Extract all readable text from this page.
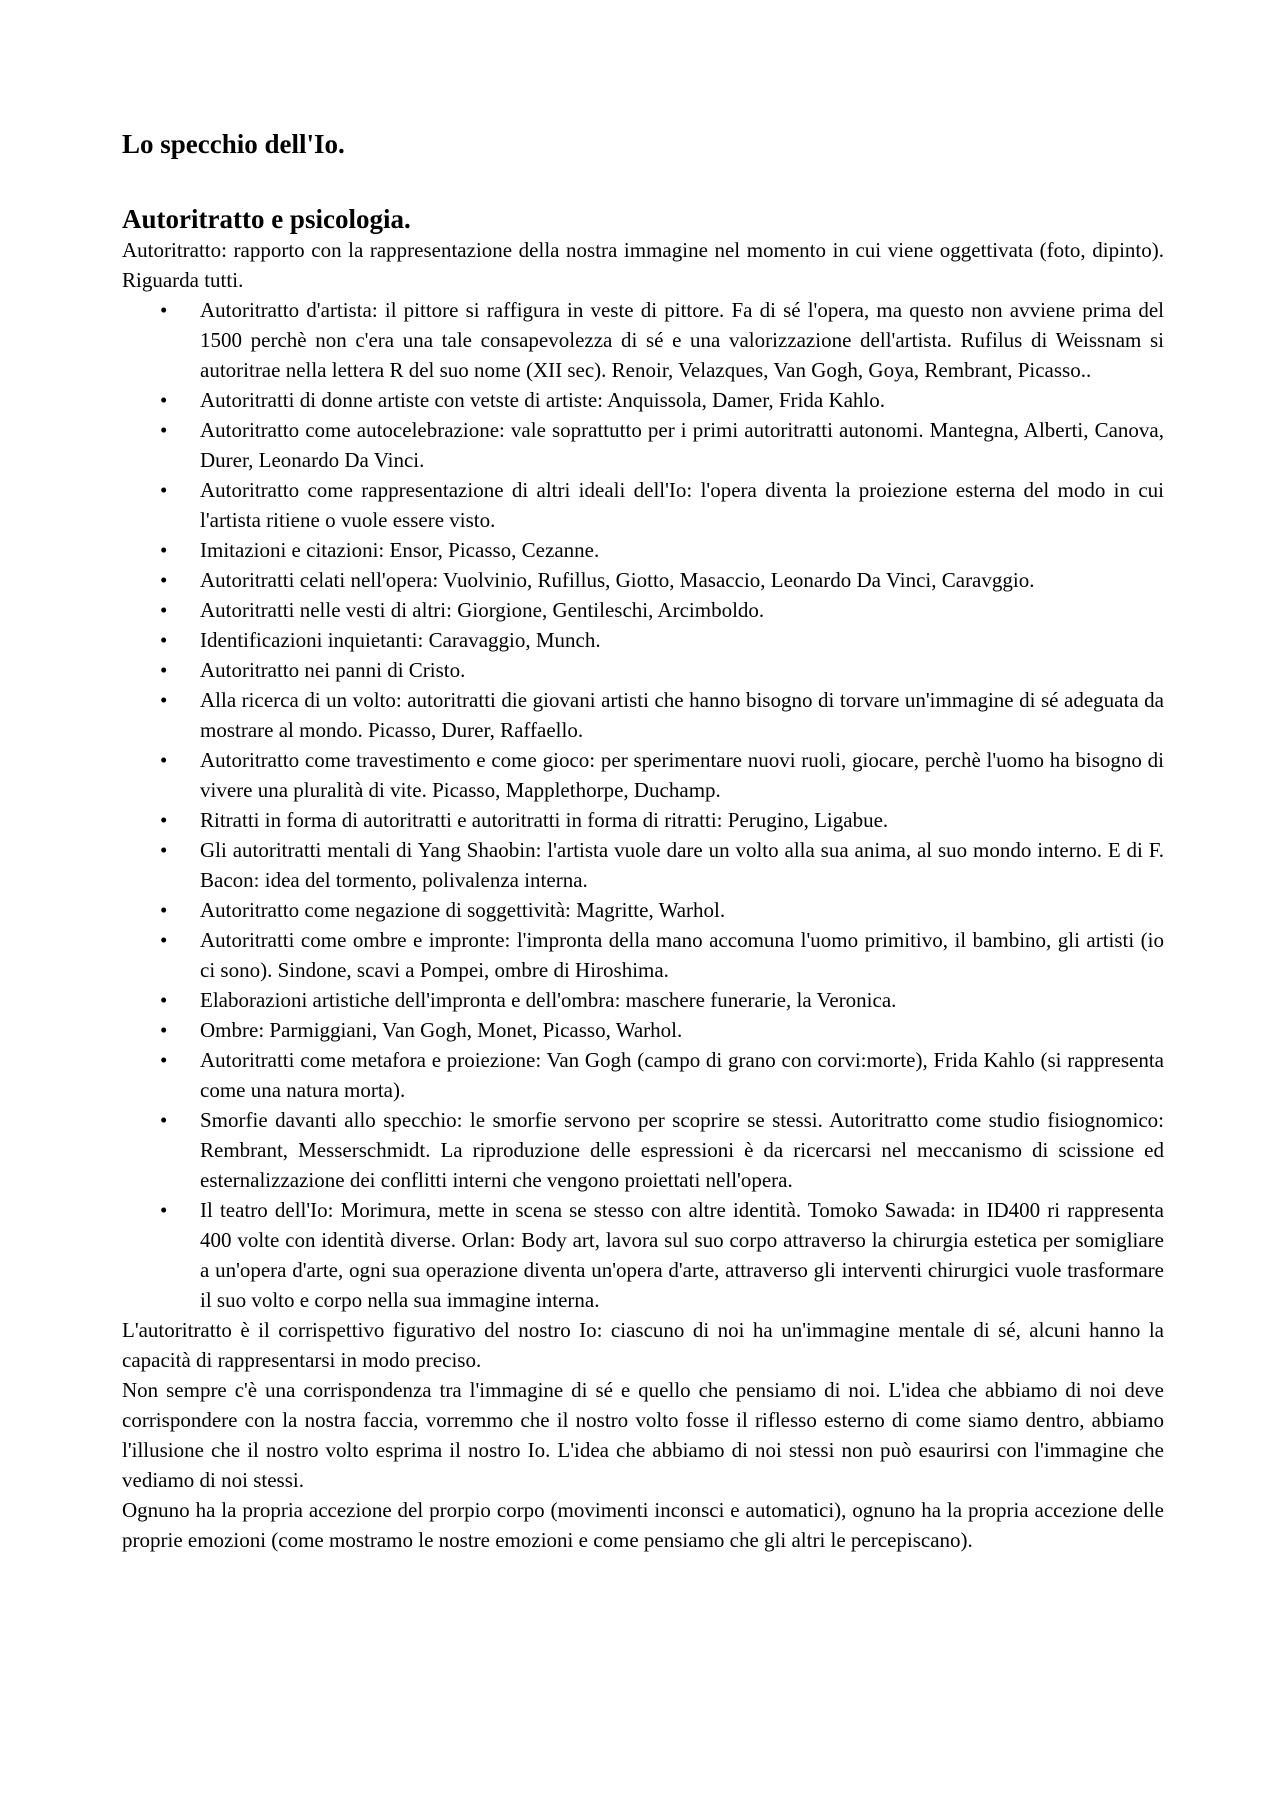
Lo specchio dell'Io.
Autoritratto e psicologia.

Autoritratto: rapporto con la rappresentazione della nostra immagine nel momento in cui viene oggettivata (foto, dipinto). Riguarda tutti.

• Autoritratto d'artista: il pittore si raffigura in veste di pittore. Fa di sé l'opera, ma questo non avviene prima del 1500 perchè non c'era una tale consapevolezza di sé e una valorizzazione dell'artista. Rufilus di Weissnam si autoritrae nella lettera R del suo nome (XII sec). Renoir, Velazques, Van Gogh, Goya, Rembrant, Picasso..
• Autoritratti di donne artiste con vetste di artiste: Anquissola, Damer, Frida Kahlo.
• Autoritratto come autocelebrazione: vale soprattutto per i primi autoritratti autonomi. Mantegna, Alberti, Canova, Durer, Leonardo Da Vinci.
• Autoritratto come rappresentazione di altri ideali dell'Io: l'opera diventa la proiezione esterna del modo in cui l'artista ritiene o vuole essere visto.
• Imitazioni e citazioni: Ensor, Picasso, Cezanne.
• Autoritratti celati nell'opera: Vuolvinio, Rufillus, Giotto, Masaccio, Leonardo Da Vinci, Caravggio.
• Autoritratti nelle vesti di altri: Giorgione, Gentileschi, Arcimboldo.
• Identificazioni inquietanti: Caravaggio, Munch.
• Autoritratto nei panni di Cristo.
• Alla ricerca di un volto: autoritratti die giovani artisti che hanno bisogno di torvare un'immagine di sé adeguata da mostrare al mondo. Picasso, Durer, Raffaello.
• Autoritratto come travestimento e come gioco: per sperimentare nuovi ruoli, giocare, perchè l'uomo ha bisogno di vivere una pluralità di vite. Picasso, Mapplethorpe, Duchamp.
• Ritratti in forma di autoritratti e autoritratti in forma di ritratti: Perugino, Ligabue.
• Gli autoritratti mentali di Yang Shaobin: l'artista vuole dare un volto alla sua anima, al suo mondo interno. E di F. Bacon: idea del tormento, polivalenza interna.
• Autoritratto come negazione di soggettività: Magritte, Warhol.
• Autoritratti come ombre e impronte: l'impronta della mano accomuna l'uomo primitivo, il bambino, gli artisti (io ci sono). Sindone, scavi a Pompei, ombre di Hiroshima.
• Elaborazioni artistiche dell'impronta e dell'ombra: maschere funerarie, la Veronica.
• Ombre: Parmiggiani, Van Gogh, Monet, Picasso, Warhol.
• Autoritratti come metafora e proiezione: Van Gogh (campo di grano con corvi:morte), Frida Kahlo (si rappresenta come una natura morta).
• Smorfie davanti allo specchio: le smorfie servono per scoprire se stessi. Autoritratto come studio fisiognomico: Rembrant, Messerschmidt. La riproduzione delle espressioni è da ricercarsi nel meccanismo di scissione ed esternalizzazione dei conflitti interni che vengono proiettati nell'opera.
• Il teatro dell'Io: Morimura, mette in scena se stesso con altre identità. Tomoko Sawada: in ID400 ri rappresenta 400 volte con identità diverse. Orlan: Body art, lavora sul suo corpo attraverso la chirurgia estetica per somigliare a un'opera d'arte, ogni sua operazione diventa un'opera d'arte, attraverso gli interventi chirurgici vuole trasformare il suo volto e corpo nella sua immagine interna.

L'autoritratto è il corrispettivo figurativo del nostro Io: ciascuno di noi ha un'immagine mentale di sé, alcuni hanno la capacità di rappresentarsi in modo preciso.

Non sempre c'è una corrispondenza tra l'immagine di sé e quello che pensiamo di noi. L'idea che abbiamo di noi deve corrispondere con la nostra faccia, vorremmo che il nostro volto fosse il riflesso esterno di come siamo dentro, abbiamo l'illusione che il nostro volto esprima il nostro Io. L'idea che abbiamo di noi stessi non può esaurirsi con l'immagine che vediamo di noi stessi.

Ognuno ha la propria accezione del prorpio corpo (movimenti inconsci e automatici), ognuno ha la propria accezione delle proprie emozioni (come mostramo le nostre emozioni e come pensiamo che gli altri le percepiscano).
